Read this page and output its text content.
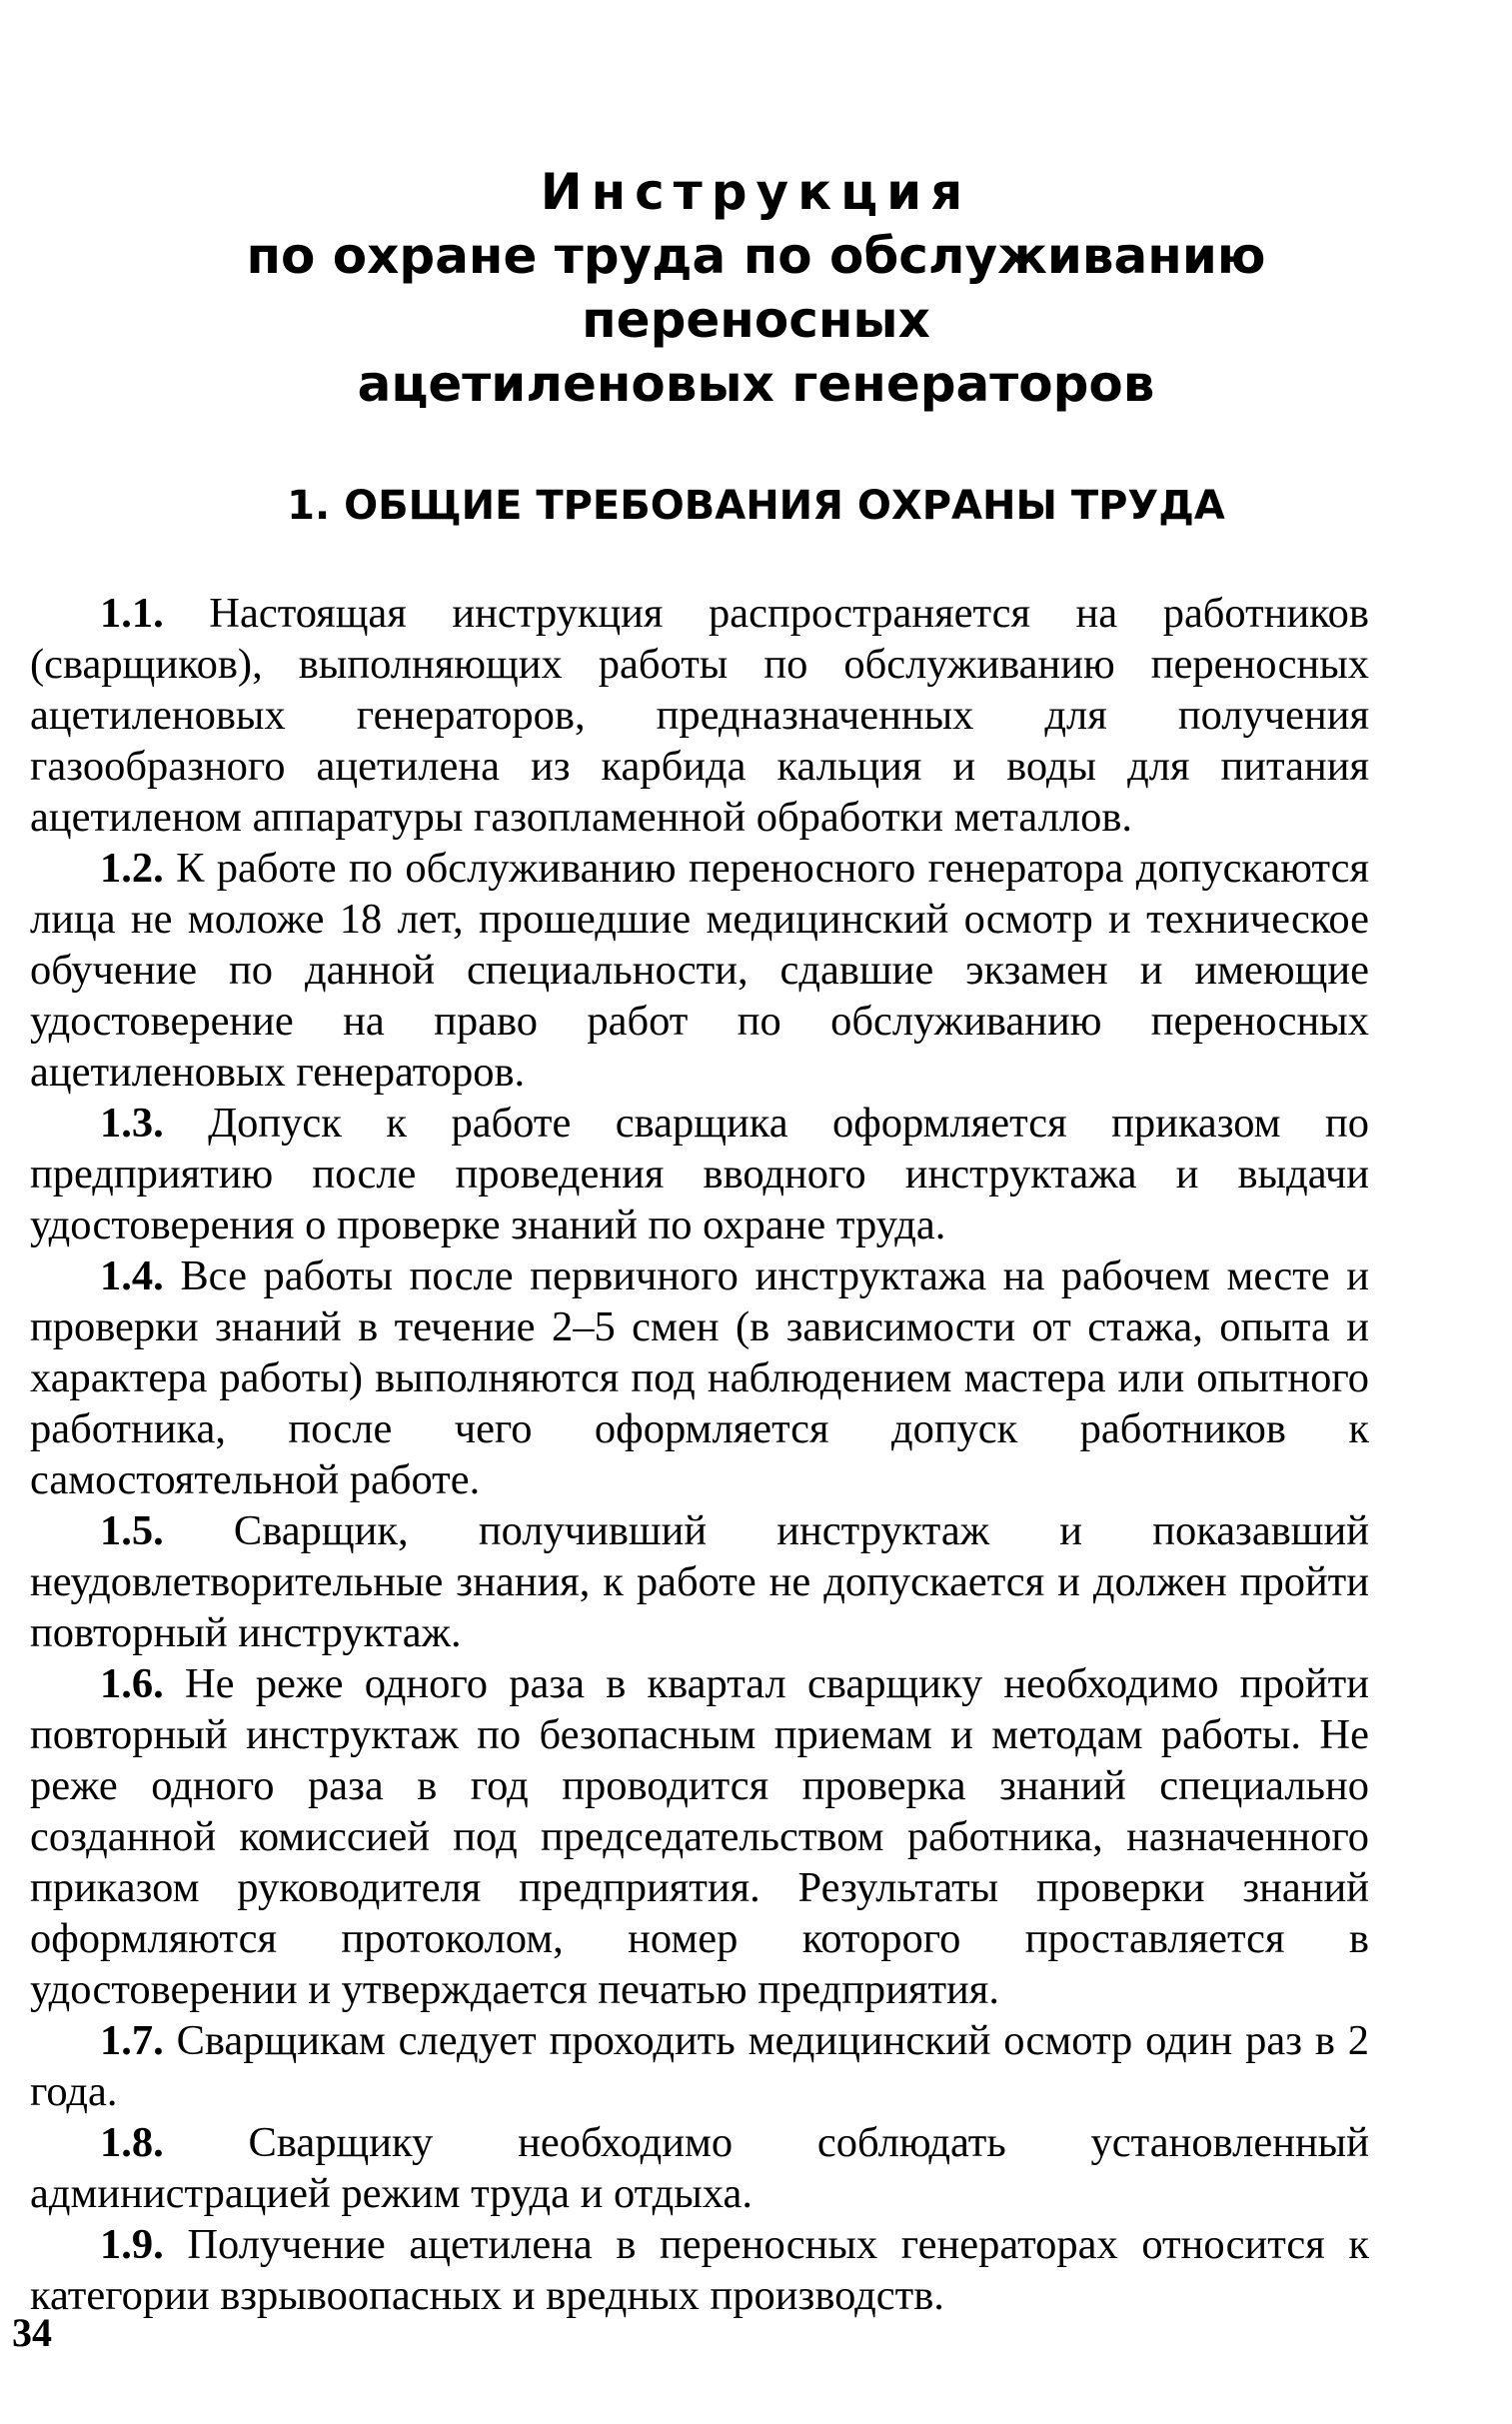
Инструкция
по охране труда по обслуживанию
переносных
ацетиленовых генераторов
1. ОБЩИЕ ТРЕБОВАНИЯ ОХРАНЫ ТРУДА

1.1. Настоящая инструкция распространяется на работников (сварщиков), выполняющих работы по обслуживанию переносных ацетиленовых генераторов, предназначенных для получения газообразного ацетилена из карбида кальция и воды для питания ацетиленом аппаратуры газопламенной обработки металлов.

1.2. К работе по обслуживанию переносного генератора допускаются лица не моложе 18 лет, прошедшие медицинский осмотр и техническое обучение по данной специальности, сдавшие экзамен и имеющие удостоверение на право работ по обслуживанию переносных ацетиленовых генераторов.

1.3. Допуск к работе сварщика оформляется приказом по предприятию после проведения вводного инструктажа и выдачи удостоверения о проверке знаний по охране труда.

1.4. Все работы после первичного инструктажа на рабочем месте и проверки знаний в течение 2–5 смен (в зависимости от стажа, опыта и характера работы) выполняются под наблюдением мастера или опытного работника, после чего оформляется допуск работников к самостоятельной работе.

1.5. Сварщик, получивший инструктаж и показавший неудовлетворительные знания, к работе не допускается и должен пройти повторный инструктаж.

1.6. Не реже одного раза в квартал сварщику необходимо пройти повторный инструктаж по безопасным приемам и методам работы. Не реже одного раза в год проводится проверка знаний специально созданной комиссией под председательством работника, назначенного приказом руководителя предприятия. Результаты проверки знаний оформляются протоколом, номер которого проставляется в удостоверении и утверждается печатью предприятия.

1.7. Сварщикам следует проходить медицинский осмотр один раз в 2 года.

1.8. Сварщику необходимо соблюдать установленный администрацией режим труда и отдыха.

1.9. Получение ацетилена в переносных генераторах относится к категории взрывоопасных и вредных производств.

34
